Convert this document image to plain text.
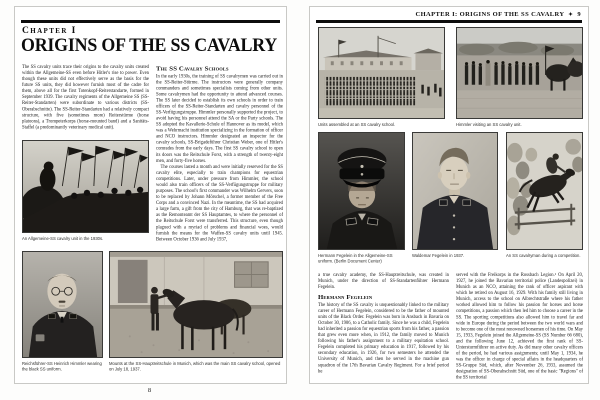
Chapter I
ORIGINS OF THE SS CAVALRY

The SS cavalry units trace their origins to the cavalry units created within the Allgemeine-SS even before Hitler's rise to power. Even though these units did not effectively serve as the basis for the future SS units, they did however furnish most of the cadre for them, above all for the first Totenkopf-Reiterstandarte, formed in September 1939. The cavalry regiments of the Allgemeine SS (SS-Reiter-Standarten) were subordinate to various districts (SS-Oberabschnitte). The SS-Reiter-Standarten had a relatively compact structure, with five (sometimes more) Reiterstürme (horse platoons), a Trompeterkorps (horse-mounted band) and a Sanitäts-Staffel (a predominantly veterinary medical unit).

The SS Cavalry Schools

In the early 1930s, the training of SS cavalrymen was carried out in the SS-Reiter-Stürme. The instructors were generally company commanders and sometimes specialists coming from other units. Some cavalrymen had the opportunity to attend advanced courses. The SS later decided to establish its own schools in order to train officers of the SS-Reiter-Standarten and cavalry personnel of the SS-Verfügungstruppe. Himmler personally supported the project, to avoid having his personnel attend the SA or the Party schools. The SS adopted the Kavallerie-Schule of Hannover as its model, which was a Wehrmacht institution specializing in the formation of officer and NCO instructors. Himmler designated an inspector for the cavalry schools, SS-Brigadeführer Christian Weber, one of Hitler's comrades from the early days. The first SS cavalry school to open its doors was the Reitschule Forst, with a strength of twenty-eight men, and forty-five horses.

The courses lasted a month and were initially reserved for the SS cavalry elite, especially to train champions for equestrian competitions. Later, under pressure from Himmler, the school would also train officers of the SS-Verfügungstruppe for military purposes. The school's first commander was Wilhelm Gervers, soon to be replaced by Johann Mörschel, a former member of the Free Corps and a convinced Nazi. In the meantime, the SS had acquired a large farm, a gift from the city of Hamburg, that was re-baptized as the Remonteamt der SS Hauptamtes, to where the personnel of the Reitschule Forst were transferred. This structure, even though plagued with a myriad of problems and financial woes, would furnish the means for the Waffen-SS cavalry units until 1945. Between October 1936 and July 1937,

An Allgemeine-SS cavalry unit in the 1930s.
Reichsführer-SS Heinrich Himmler wearing the black SS uniform.
Mounts at the SS-Hauptreitschule in Munich, which was the main SS cavalry school, opened on July 18, 1937.
8
CHAPTER I: ORIGINS OF THE SS CAVALRY ✦ 9
Units assembled at an SS cavalry school.	Himmler visiting an SS cavalry unit.
Hermann Fegelein in the Allgemeine-SS uniform. (Berlin Document Center)
Waldemar Fegelein in 1937.	An SS cavalryman during a competition.

a true cavalry academy, the SS-Hauptreitschule, was created in Munich, under the direction of SS-Standartenführer Hermann Fegelein.

Hermann Fegelein

The history of the SS cavalry is unquestionably linked to the military career of Hermann Fegelein, considered to be the father of mounted units of the Black Order. Fegelein was born in Ansbach in Bavaria on October 30, 1906, to a Catholic family. Since he was a child, Fegelein had inherited a passion for equestrian sports from his father, a passion that grew even more when, in 1912, the family moved to Munich following his father's assignment to a military equitation school. Fegelein completed his primary education in 1917, followed by his secondary education, in 1926, for two semesters he attended the University of Munich, and then he served in the machine gun squadron of the 17th Bavarian Cavalry Regiment. For a brief period he

served with the Freikorps in the Rossbach Legion.¹ On April 20, 1927, he joined the Bavarian territorial police (Landespolizei) in Munich as an NCO, attaining the rank of officer aspirant with which he retired on August 16, 1929. With his family still living in Munich, access to the school on Albrechtstraße where his father worked allowed him to follow his passion for horses and horse competitions, a passion which then led him to choose a career in the SS. The sporting competitions also allowed him to travel far and wide in Europe during the period between the two world wars and to become one of the most renowned horsemen of his time. On May 15, 1933, Fegelein joined the Allgemeine-SS (SS Number 66 680), and the following June 12, achieved the first rank of SS-Untersturmführer on active duty. As did many other cavalry officers of the period, he had various assignments; until May 1, 1934, he was the officer in charge of special affairs in the headquarters of SS-Gruppe Süd, which, after November 26, 1933, assumed the designation of SS-Oberabschnitt Süd, one of the basic "Regions" of the SS territorial
